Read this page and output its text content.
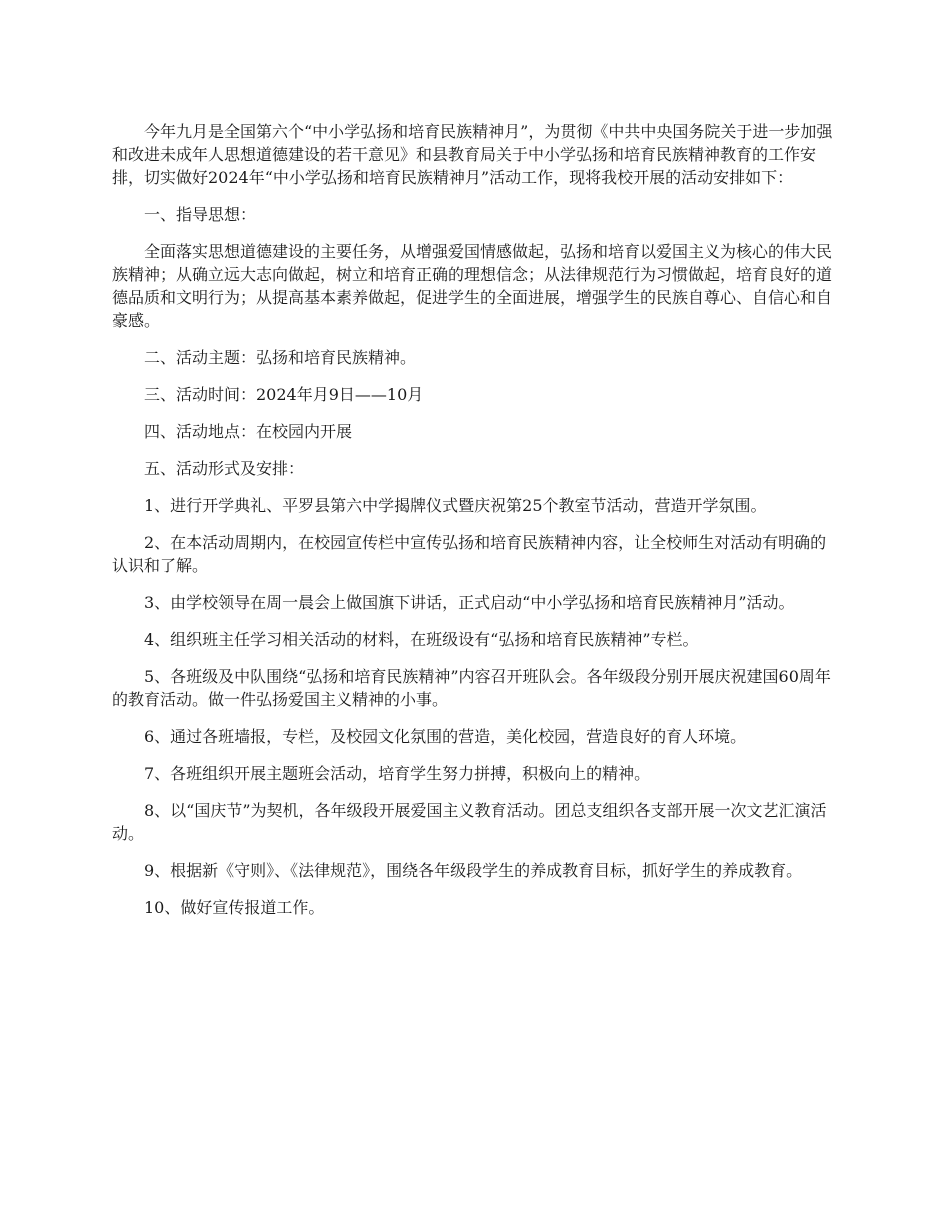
今年九月是全国第六个“中小学弘扬和培育民族精神月”，为贯彻《中共中央国务院关于进一步加强和改进未成年人思想道德建设的若干意见》和县教育局关于中小学弘扬和培育民族精神教育的工作安排，切实做好2024年“中小学弘扬和培育民族精神月”活动工作，现将我校开展的活动安排如下：

一、指导思想：

全面落实思想道德建设的主要任务，从增强爱国情感做起，弘扬和培育以爱国主义为核心的伟大民族精神；从确立远大志向做起，树立和培育正确的理想信念；从法律规范行为习惯做起，培育良好的道德品质和文明行为；从提高基本素养做起，促进学生的全面进展，增强学生的民族自尊心、自信心和自豪感。

二、活动主题：弘扬和培育民族精神。

三、活动时间：2024年月9日——10月

四、活动地点：在校园内开展

五、活动形式及安排：

1、进行开学典礼、平罗县第六中学揭牌仪式暨庆祝第25个教室节活动，营造开学氛围。

2、在本活动周期内，在校园宣传栏中宣传弘扬和培育民族精神内容，让全校师生对活动有明确的认识和了解。

3、由学校领导在周一晨会上做国旗下讲话，正式启动“中小学弘扬和培育民族精神月”活动。

4、组织班主任学习相关活动的材料，在班级设有“弘扬和培育民族精神”专栏。

5、各班级及中队围绕“弘扬和培育民族精神”内容召开班队会。各年级段分别开展庆祝建国60周年的教育活动。做一件弘扬爱国主义精神的小事。

6、通过各班墙报，专栏，及校园文化氛围的营造，美化校园，营造良好的育人环境。

7、各班组织开展主题班会活动，培育学生努力拼搏，积极向上的精神。

8、以“国庆节”为契机，各年级段开展爱国主义教育活动。团总支组织各支部开展一次文艺汇演活动。

9、根据新《守则》、《法律规范》，围绕各年级段学生的养成教育目标，抓好学生的养成教育。

10、做好宣传报道工作。
